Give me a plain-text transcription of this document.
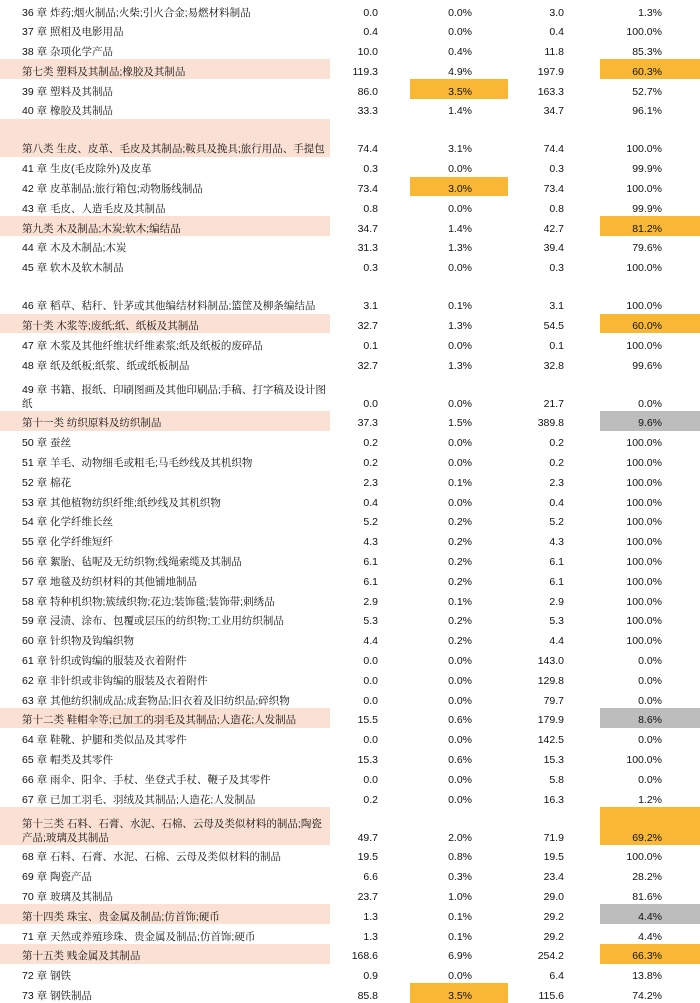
36 章 炸药;烟火制品;火柴;引火合金;易燃材料制品	0.0	0.0%	3.0	1.3%
37 章 照相及电影用品	0.4	0.0%	0.4	100.0%
38 章 杂项化学产品	10.0	0.4%	11.8	85.3%
第七类 塑料及其制品;橡胶及其制品	119.3	4.9%	197.9	60.3%
39 章 塑料及其制品	86.0	3.5%	163.3	52.7%
40 章 橡胶及其制品	33.3	1.4%	34.7	96.1%
第八类 生皮、皮革、毛皮及其制品;鞍具及挽具;旅行用品、手提包	74.4	3.1%	74.4	100.0%
41 章 生皮(毛皮除外)及皮革	0.3	0.0%	0.3	99.9%
42 章 皮革制品;旅行箱包;动物肠线制品	73.4	3.0%	73.4	100.0%
43 章 毛皮、人造毛皮及其制品	0.8	0.0%	0.8	99.9%
第九类 木及制品;木炭;软木;编结品	34.7	1.4%	42.7	81.2%
44 章 木及木制品;木炭	31.3	1.3%	39.4	79.6%
45 章 软木及软木制品	0.3	0.0%	0.3	100.0%
46 章 稻草、秸秆、针茅或其他编结材料制品;篮筐及柳条编结品	3.1	0.1%	3.1	100.0%
第十类 木浆等;废纸;纸、纸板及其制品	32.7	1.3%	54.5	60.0%
47 章 木浆及其他纤维状纤维素浆;纸及纸板的废碎品	0.1	0.0%	0.1	100.0%
48 章 纸及纸板;纸浆、纸或纸板制品	32.7	1.3%	32.8	99.6%
49 章 书籍、报纸、印刷图画及其他印刷品;手稿、打字稿及设计图纸	0.0	0.0%	21.7	0.0%
第十一类 纺织原料及纺织制品	37.3	1.5%	389.8	9.6%
50 章 蚕丝	0.2	0.0%	0.2	100.0%
51 章 羊毛、动物细毛或粗毛;马毛纱线及其机织物	0.2	0.0%	0.2	100.0%
52 章 棉花	2.3	0.1%	2.3	100.0%
53 章 其他植物纺织纤维;纸纱线及其机织物	0.4	0.0%	0.4	100.0%
54 章 化学纤维长丝	5.2	0.2%	5.2	100.0%
55 章 化学纤维短纤	4.3	0.2%	4.3	100.0%
56 章 絮胎、毡呢及无纺织物;线绳索缆及其制品	6.1	0.2%	6.1	100.0%
57 章 地毯及纺织材料的其他铺地制品	6.1	0.2%	6.1	100.0%
58 章 特种机织物;簇绒织物;花边;装饰毯;装饰带;刺绣品	2.9	0.1%	2.9	100.0%
59 章 浸渍、涂布、包覆或层压的纺织物;工业用纺织制品	5.3	0.2%	5.3	100.0%
60 章 针织物及钩编织物	4.4	0.2%	4.4	100.0%
61 章 针织或钩编的服装及衣着附件	0.0	0.0%	143.0	0.0%
62 章 非针织或非钩编的服装及衣着附件	0.0	0.0%	129.8	0.0%
63 章 其他纺织制成品;成套物品;旧衣着及旧纺织品;碎织物	0.0	0.0%	79.7	0.0%
第十二类 鞋帽伞等;已加工的羽毛及其制品;人造花;人发制品	15.5	0.6%	179.9	8.6%
64 章 鞋靴、护腿和类似品及其零件	0.0	0.0%	142.5	0.0%
65 章 帽类及其零件	15.3	0.6%	15.3	100.0%
66 章 雨伞、阳伞、手杖、坐登式手杖、鞭子及其零件	0.0	0.0%	5.8	0.0%
67 章 已加工羽毛、羽绒及其制品;人造花;人发制品	0.2	0.0%	16.3	1.2%
第十三类 石料、石膏、水泥、石棉、云母及类似材料的制品;陶瓷产品;玻璃及其制品	49.7	2.0%	71.9	69.2%
68 章 石料、石膏、水泥、石棉、云母及类似材料的制品	19.5	0.8%	19.5	100.0%
69 章 陶瓷产品	6.6	0.3%	23.4	28.2%
70 章 玻璃及其制品	23.7	1.0%	29.0	81.6%
第十四类 珠宝、贵金属及制品;仿首饰;硬币	1.3	0.1%	29.2	4.4%
71 章 天然或养殖珍珠、贵金属及制品;仿首饰;硬币	1.3	0.1%	29.2	4.4%
第十五类 贱金属及其制品	168.6	6.9%	254.2	66.3%
72 章 钢铁	0.9	0.0%	6.4	13.8%
73 章 钢铁制品	85.8	3.5%	115.6	74.2%
